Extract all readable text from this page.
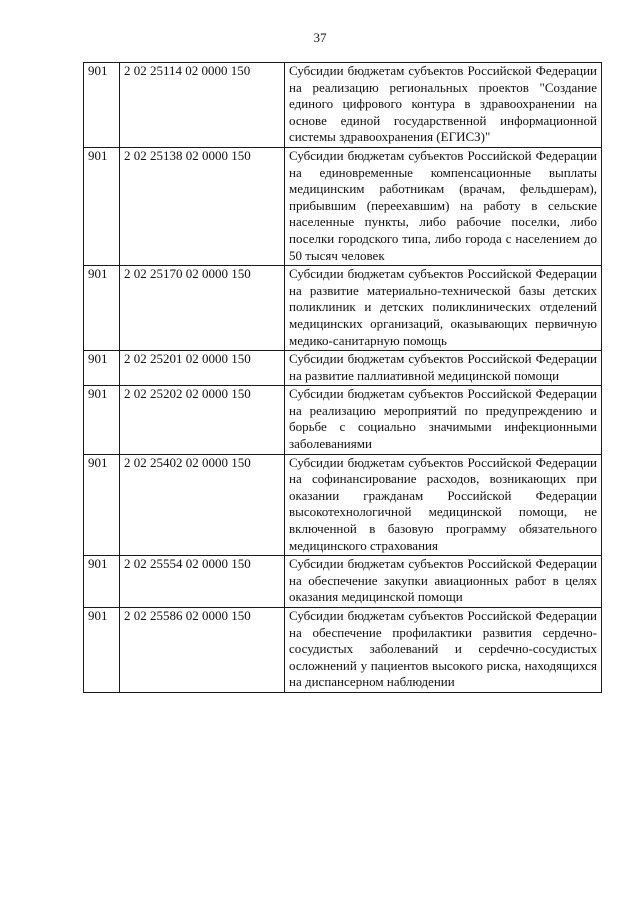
37
901	2 02 25114 02 0000 150	Субсидии бюджетам субъектов Российской Федерации на реализацию региональных проектов "Создание единого цифрового контура в здравоохранении на основе единой государственной информационной системы здравоохранения (ЕГИСЗ)"
901	2 02 25138 02 0000 150	Субсидии бюджетам субъектов Российской Федерации на единовременные компенсационные выплаты медицинским работникам (врачам, фельдшерам), прибывшим (переехавшим) на работу в сельские населенные пункты, либо рабочие поселки, либо поселки городского типа, либо города с населением до 50 тысяч человек
901	2 02 25170 02 0000 150	Субсидии бюджетам субъектов Российской Федерации на развитие материально-технической базы детских поликлиник и детских поликлинических отделений медицинских организаций, оказывающих первичную медико-санитарную помощь
901	2 02 25201 02 0000 150	Субсидии бюджетам субъектов Российской Федерации на развитие паллиативной медицинской помощи
901	2 02 25202 02 0000 150	Субсидии бюджетам субъектов Российской Федерации на реализацию мероприятий по предупреждению и борьбе с социально значимыми инфекционными заболеваниями
901	2 02 25402 02 0000 150	Субсидии бюджетам субъектов Российской Федерации на софинансирование расходов, возникающих при оказании гражданам Российской Федерации высокотехнологичной медицинской помощи, не включенной в базовую программу обязательного медицинского страхования
901	2 02 25554 02 0000 150	Субсидии бюджетам субъектов Российской Федерации на обеспечение закупки авиационных работ в целях оказания медицинской помощи
901	2 02 25586 02 0000 150	Субсидии бюджетам субъектов Российской Федерации на обеспечение профилактики развития сердечно-сосудистых заболеваний и серdечно-сосудистых осложнений у пациентов высокого риска, находящихся на диспансерном наблюдении
